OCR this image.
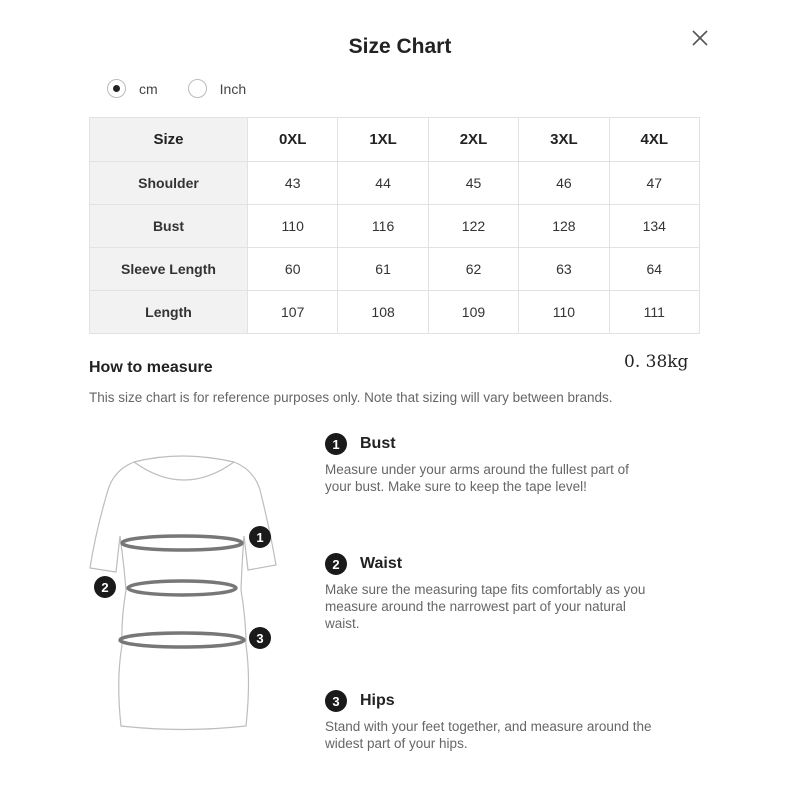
Size Chart
cm	Inch
Size	0XL	1XL	2XL	3XL	4XL
Shoulder	43	44	45	46	47
Bust	110	116	122	128	134
Sleeve Length	60	61	62	63	64
Length	107	108	109	110	111
How to measure	0. 38kg
This size chart is for reference purposes only. Note that sizing will vary between brands.
1
2
3
1	Bust
Measure under your arms around the fullest part of
your bust. Make sure to keep the tape level!
2	Waist
Make sure the measuring tape fits comfortably as you
measure around the narrowest part of your natural
waist.
3	Hips
Stand with your feet together, and measure around the
widest part of your hips.
